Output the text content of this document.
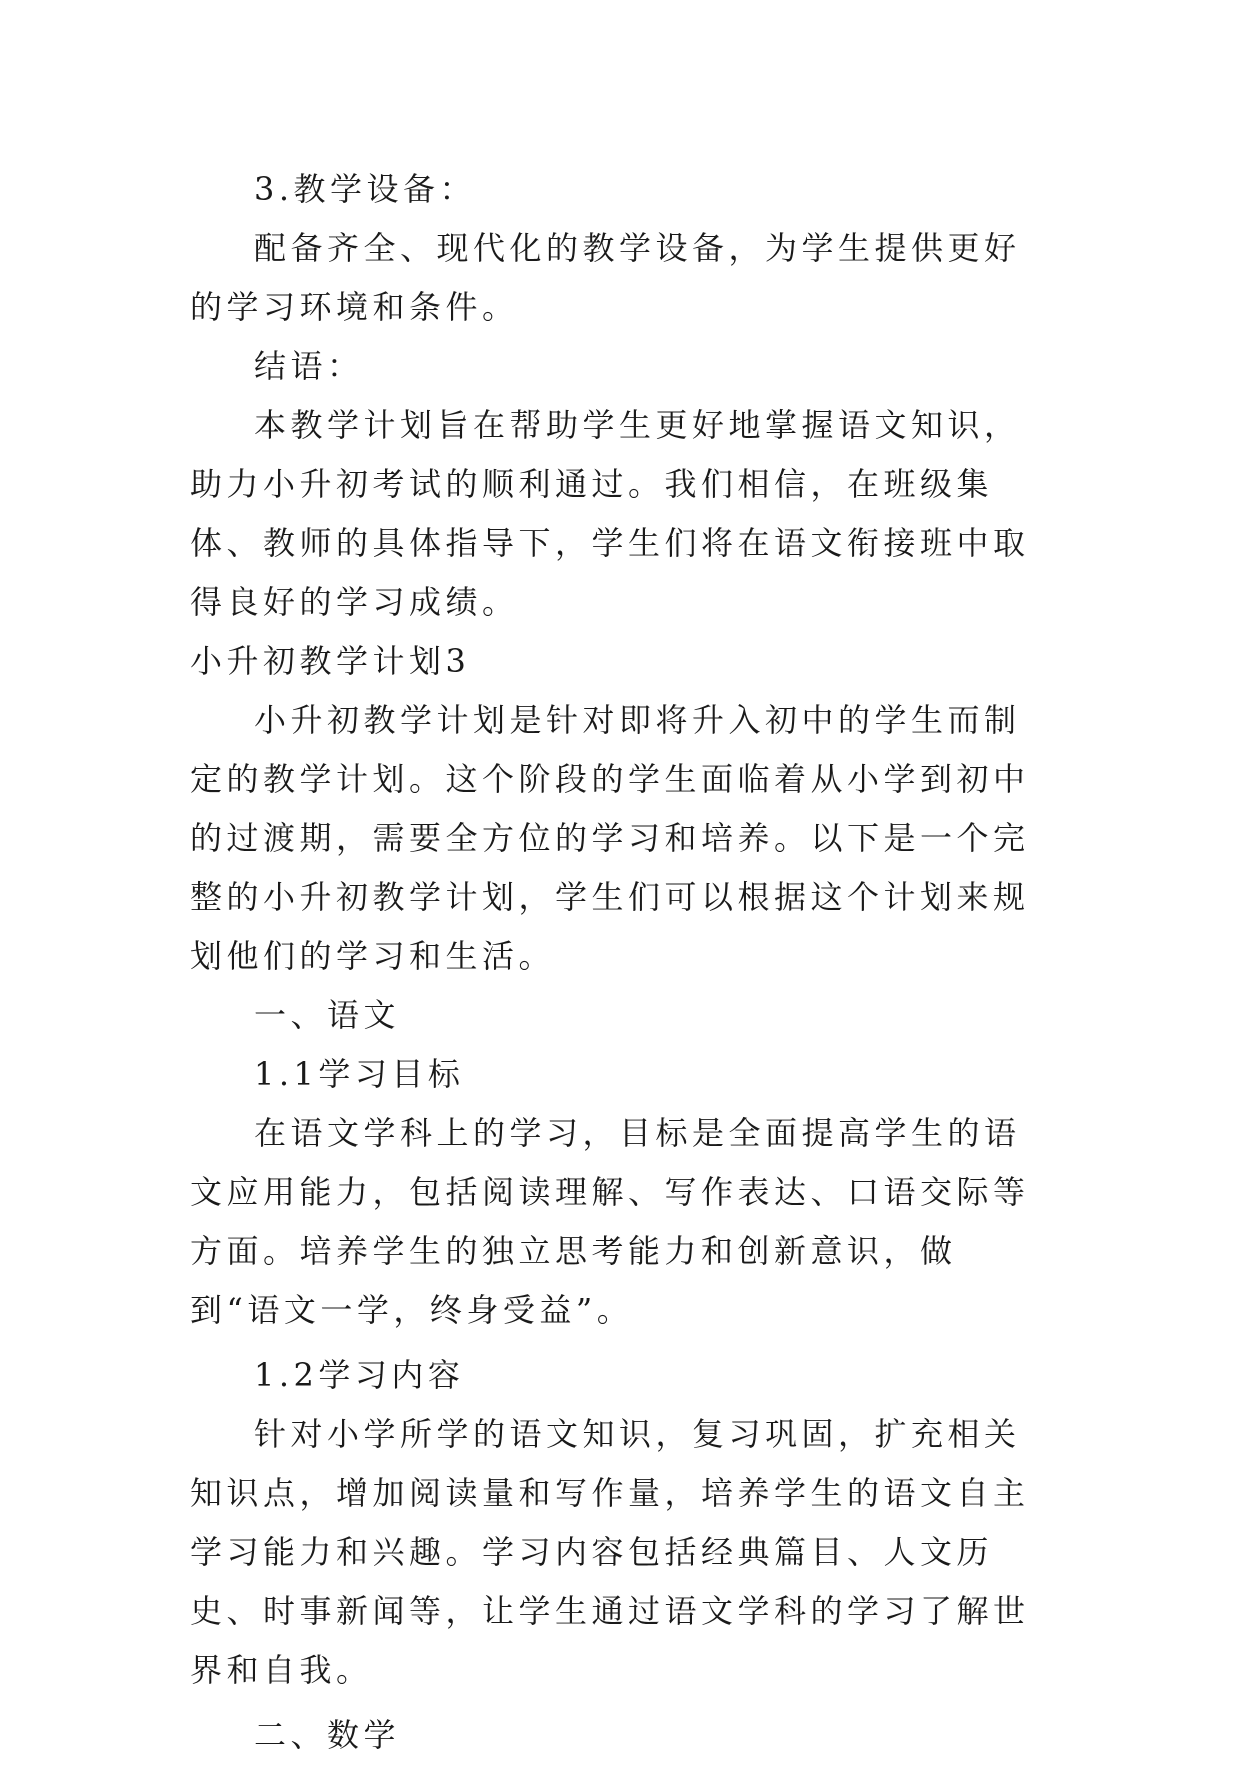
3.教学设备：

配备齐全、现代化的教学设备，为学生提供更好的学习环境和条件。

结语：

本教学计划旨在帮助学生更好地掌握语文知识，助力小升初考试的顺利通过。我们相信，在班级集体、教师的具体指导下，学生们将在语文衔接班中取得良好的学习成绩。

小升初教学计划3

小升初教学计划是针对即将升入初中的学生而制定的教学计划。这个阶段的学生面临着从小学到初中的过渡期，需要全方位的学习和培养。以下是一个完整的小升初教学计划，学生们可以根据这个计划来规划他们的学习和生活。

一、语文

1.1学习目标

在语文学科上的学习，目标是全面提高学生的语文应用能力，包括阅读理解、写作表达、口语交际等方面。培养学生的独立思考能力和创新意识，做到“语文一学，终身受益”。

1.2学习内容

针对小学所学的语文知识，复习巩固，扩充相关知识点，增加阅读量和写作量，培养学生的语文自主学习能力和兴趣。学习内容包括经典篇目、人文历史、时事新闻等，让学生通过语文学科的学习了解世界和自我。

二、数学
